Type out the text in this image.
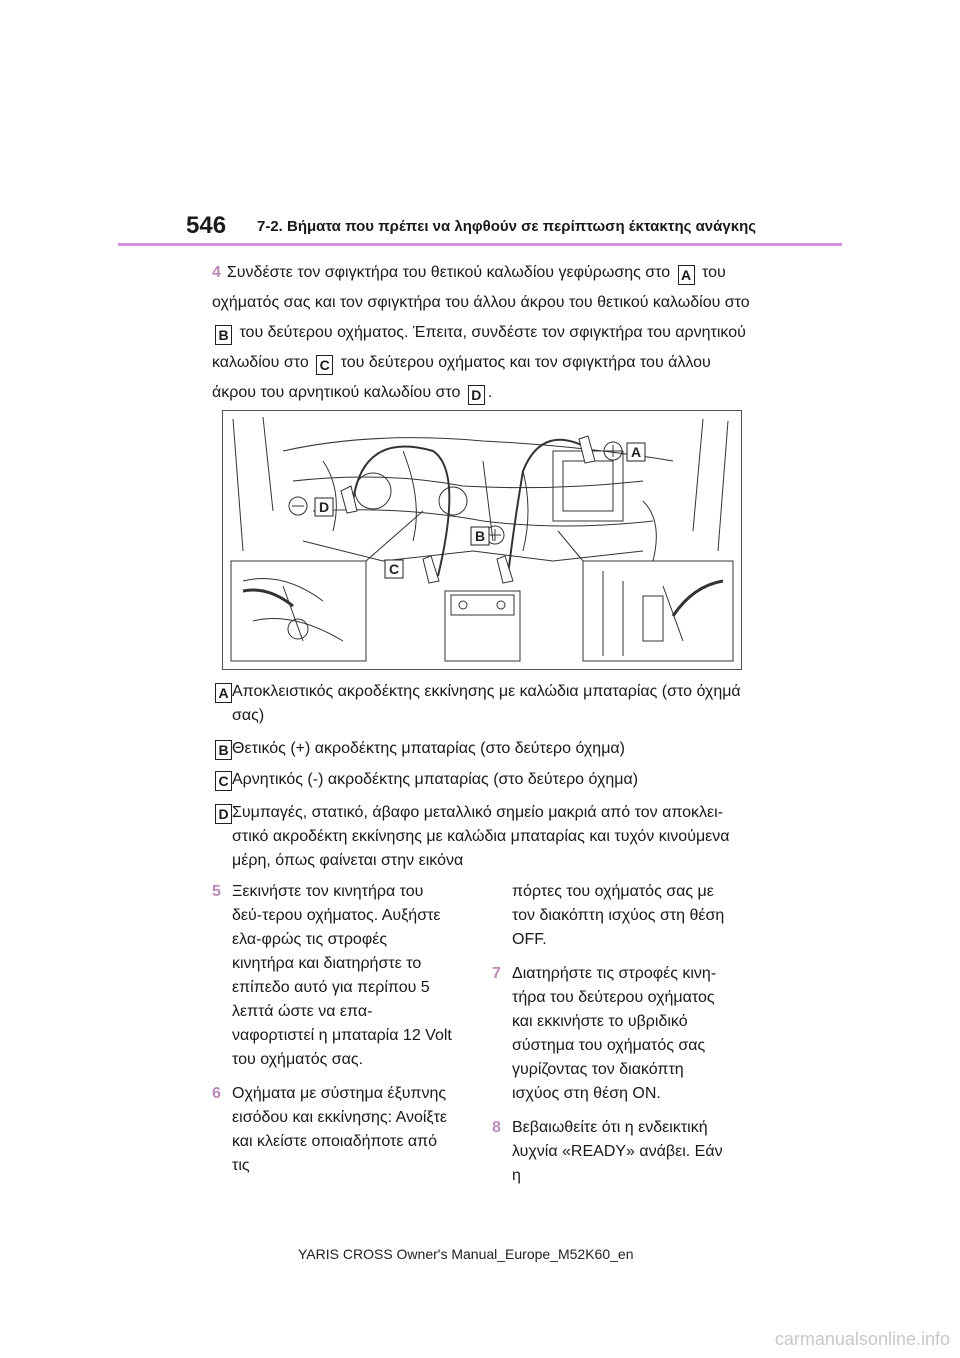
546 7-2. Βήματα που πρέπει να ληφθούν σε περίπτωση έκτακτης ανάγκης
4 Συνδέστε τον σφιγκτήρα του θετικού καλωδίου γεφύρωσης στο A του οχήματός σας και τον σφιγκτήρα του άλλου άκρου του θετικού καλωδίου στο B του δεύτερου οχήματος. Έπειτα, συνδέστε τον σφιγκτήρα του αρνητικού καλωδίου στο C του δεύτερου οχήματος και τον σφιγκτήρα του άλλου άκρου του αρνητικού καλωδίου στο D .
A
B
C
D
A Αποκλειστικός ακροδέκτης εκκίνησης με καλώδια μπαταρίας (στο όχημά σας)
B Θετικός (+) ακροδέκτης μπαταρίας (στο δεύτερο όχημα)
C Αρνητικός (-) ακροδέκτης μπαταρίας (στο δεύτερο όχημα)
D Συμπαγές, στατικό, άβαφο μεταλλικό σημείο μακριά από τον αποκλει-στικό ακροδέκτη εκκίνησης με καλώδια μπαταρίας και τυχόν κινούμενα μέρη, όπως φαίνεται στην εικόνα
5 Ξεκινήστε τον κινητήρα του δεύ-τερου οχήματος. Αυξήστε ελα-φρώς τις στροφές κινητήρα και διατηρήστε το επίπεδο αυτό για περίπου 5 λεπτά ώστε να επα-ναφορτιστεί η μπαταρία 12 Volt του οχήματός σας.
6 Οχήματα με σύστημα έξυπνης εισόδου και εκκίνησης: Ανοίξτε και κλείστε οποιαδήποτε από τις
πόρτες του οχήματός σας με τον διακόπτη ισχύος στη θέση OFF.
7 Διατηρήστε τις στροφές κινη-τήρα του δεύτερου οχήματος και εκκινήστε το υβριδικό σύστημα του οχήματός σας γυρίζοντας τον διακόπτη ισχύος στη θέση ON.
8 Βεβαιωθείτε ότι η ενδεικτική λυχνία «READY» ανάβει. Εάν η
YARIS CROSS Owner's Manual_Europe_M52K60_en
carmanualsonline.info
